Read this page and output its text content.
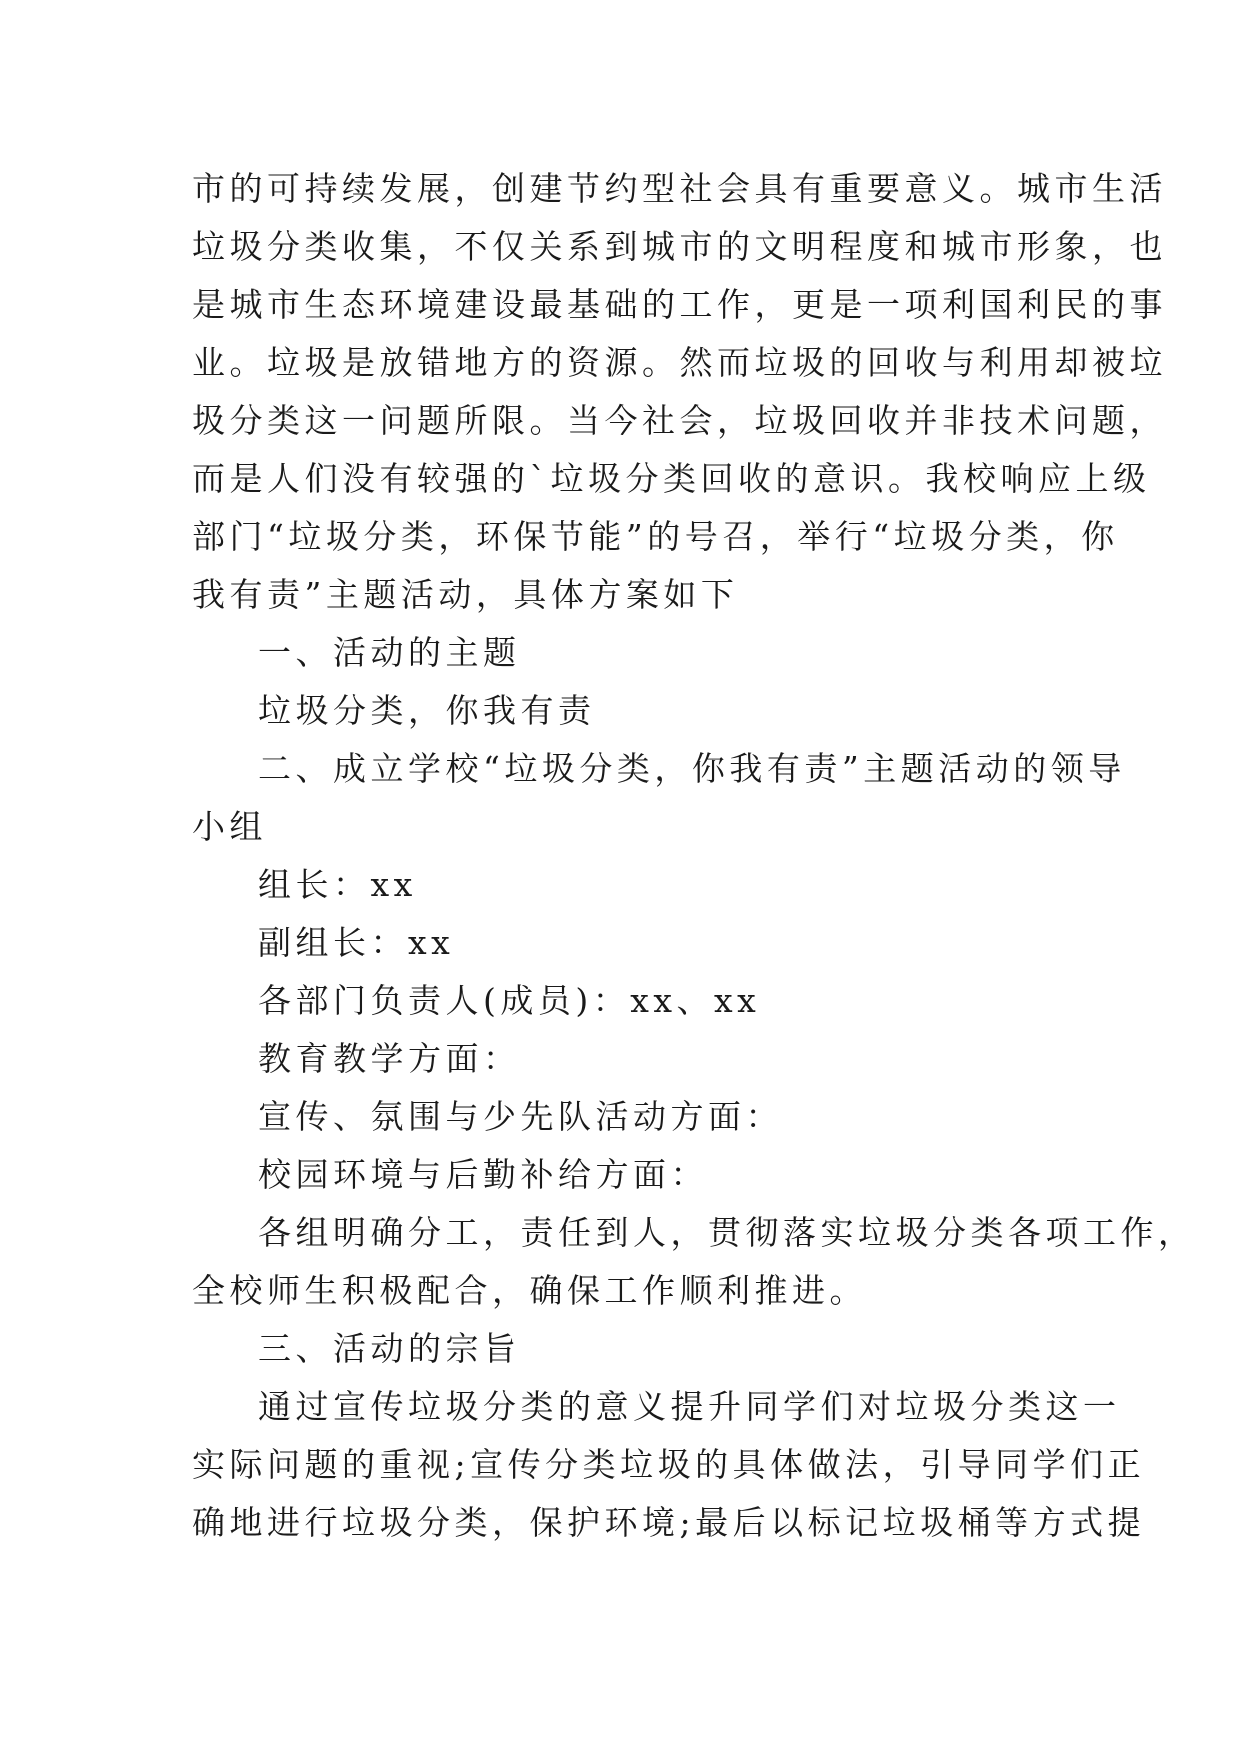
市的可持续发展，创建节约型社会具有重要意义。城市生活
垃圾分类收集，不仅关系到城市的文明程度和城市形象，也
是城市生态环境建设最基础的工作，更是一项利国利民的事
业。垃圾是放错地方的资源。然而垃圾的回收与利用却被垃
圾分类这一问题所限。当今社会，垃圾回收并非技术问题，
而是人们没有较强的`垃圾分类回收的意识。我校响应上级
部门“垃圾分类，环保节能”的号召，举行“垃圾分类，你
我有责”主题活动，具体方案如下
一、活动的主题
垃圾分类，你我有责
二、成立学校“垃圾分类，你我有责”主题活动的领导
小组
组长：xx
副组长：xx
各部门负责人(成员)：xx、xx
教育教学方面：
宣传、氛围与少先队活动方面：
校园环境与后勤补给方面：
各组明确分工，责任到人，贯彻落实垃圾分类各项工作，
全校师生积极配合，确保工作顺利推进。
三、活动的宗旨
通过宣传垃圾分类的意义提升同学们对垃圾分类这一
实际问题的重视;宣传分类垃圾的具体做法，引导同学们正
确地进行垃圾分类，保护环境;最后以标记垃圾桶等方式提
